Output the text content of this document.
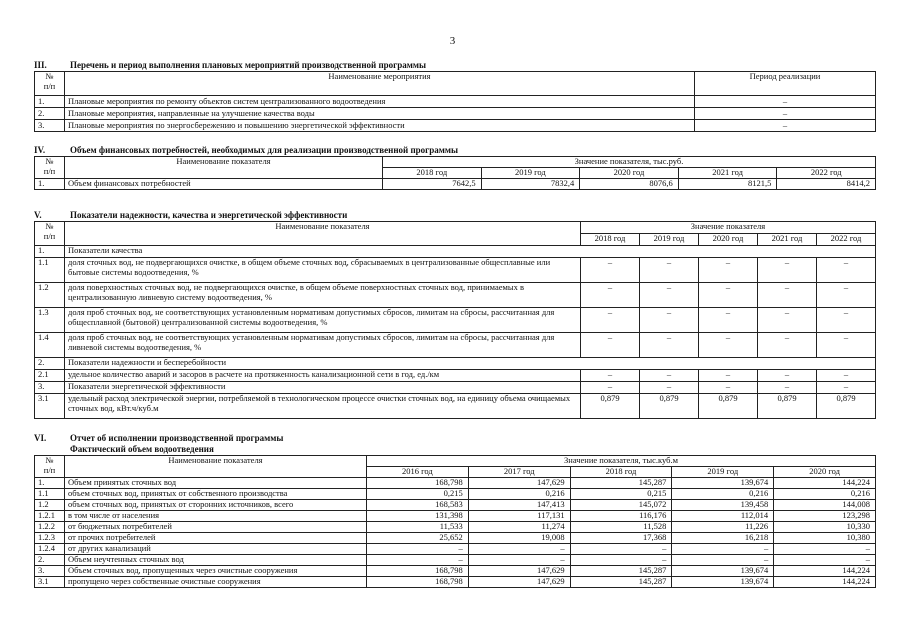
3
III.	Перечень и период выполнения плановых мероприятий производственной программы
№
п/п	Наименование мероприятия	Период реализации
1.	Плановые мероприятия по ремонту объектов систем централизованного водоотведения	–
2.	Плановые мероприятия, направленные на улучшение качества воды	–
3.	Плановые мероприятия по энергосбережению и повышению энергетической эффективности	–
IV.	Объем финансовых потребностей, необходимых для реализации производственной программы
№
п/п	Наименование показателя	Значение показателя, тыс.руб.				
		2018 год	2019 год	2020 год	2021 год	2022 год
1.	Объем финансовых потребностей	7642,5	7832,4	8076,6	8121,5	8414,2
V.	Показатели надежности, качества и энергетической эффективности
№
п/п	Наименование показателя	Значение показателя				
		2018 год	2019 год	2020 год	2021 год	2022 год
1.	Показатели качества					
1.1	доля сточных вод, не подвергающихся очистке, в общем объеме сточных вод, сбрасываемых в централизованные общесплавные или бытовые системы водоотведения, %	–	–	–	–	–
1.2	доля поверхностных сточных вод, не подвергающихся очистке, в общем объеме поверхностных сточных вод, принимаемых в централизованную ливневую систему водоотведения, %	–	–	–	–	–
1.3	доля проб сточных вод, не соответствующих установленным нормативам допустимых сбросов, лимитам на сбросы, рассчитанная для общесплавной (бытовой) централизованной системы водоотведения, %	–	–	–	–	–
1.4	доля проб сточных вод, не соответствующих установленным нормативам допустимых сбросов, лимитам на сбросы, рассчитанная для ливневой системы водоотведения, %	–	–	–	–	–
2.	Показатели надежности и бесперебойности					
2.1	удельное количество аварий и засоров в расчете на протяженность канализационной сети в год, ед./км	–	–	–	–	–
3.	Показатели энергетической эффективности	–	–	–	–	–
3.1	удельный расход электрической энергии, потребляемой в технологическом процессе очистки сточных вод, на единицу объема очищаемых сточных вод, кВт.ч/куб.м	0,879	0,879	0,879	0,879	0,879
VI.	Отчет об исполнении производственной программы
Фактический объем водоотведения
№
п/п	Наименование показателя	Значение показателя, тыс.куб.м				
		2016 год	2017 год	2018 год	2019 год	2020 год
1.	Объем принятых сточных вод	168,798	147,629	145,287	139,674	144,224
1.1	объем сточных вод, принятых от собственного производства	0,215	0,216	0,215	0,216	0,216
1.2	объем сточных вод, принятых от сторонних источников, всего	168,583	147,413	145,072	139,458	144,008
1.2.1	в том числе от населения	131,398	117,131	116,176	112,014	123,298
1.2.2	от бюджетных потребителей	11,533	11,274	11,528	11,226	10,330
1.2.3	от прочих потребителей	25,652	19,008	17,368	16,218	10,380
1.2.4	от других канализаций	–	–	–	–	–
2.	Объем неучтенных сточных вод	–	–	–	–	–
3.	Объем сточных вод, пропущенных через очистные сооружения	168,798	147,629	145,287	139,674	144,224
3.1	пропущено через собственные очистные сооружения	168,798	147,629	145,287	139,674	144,224
